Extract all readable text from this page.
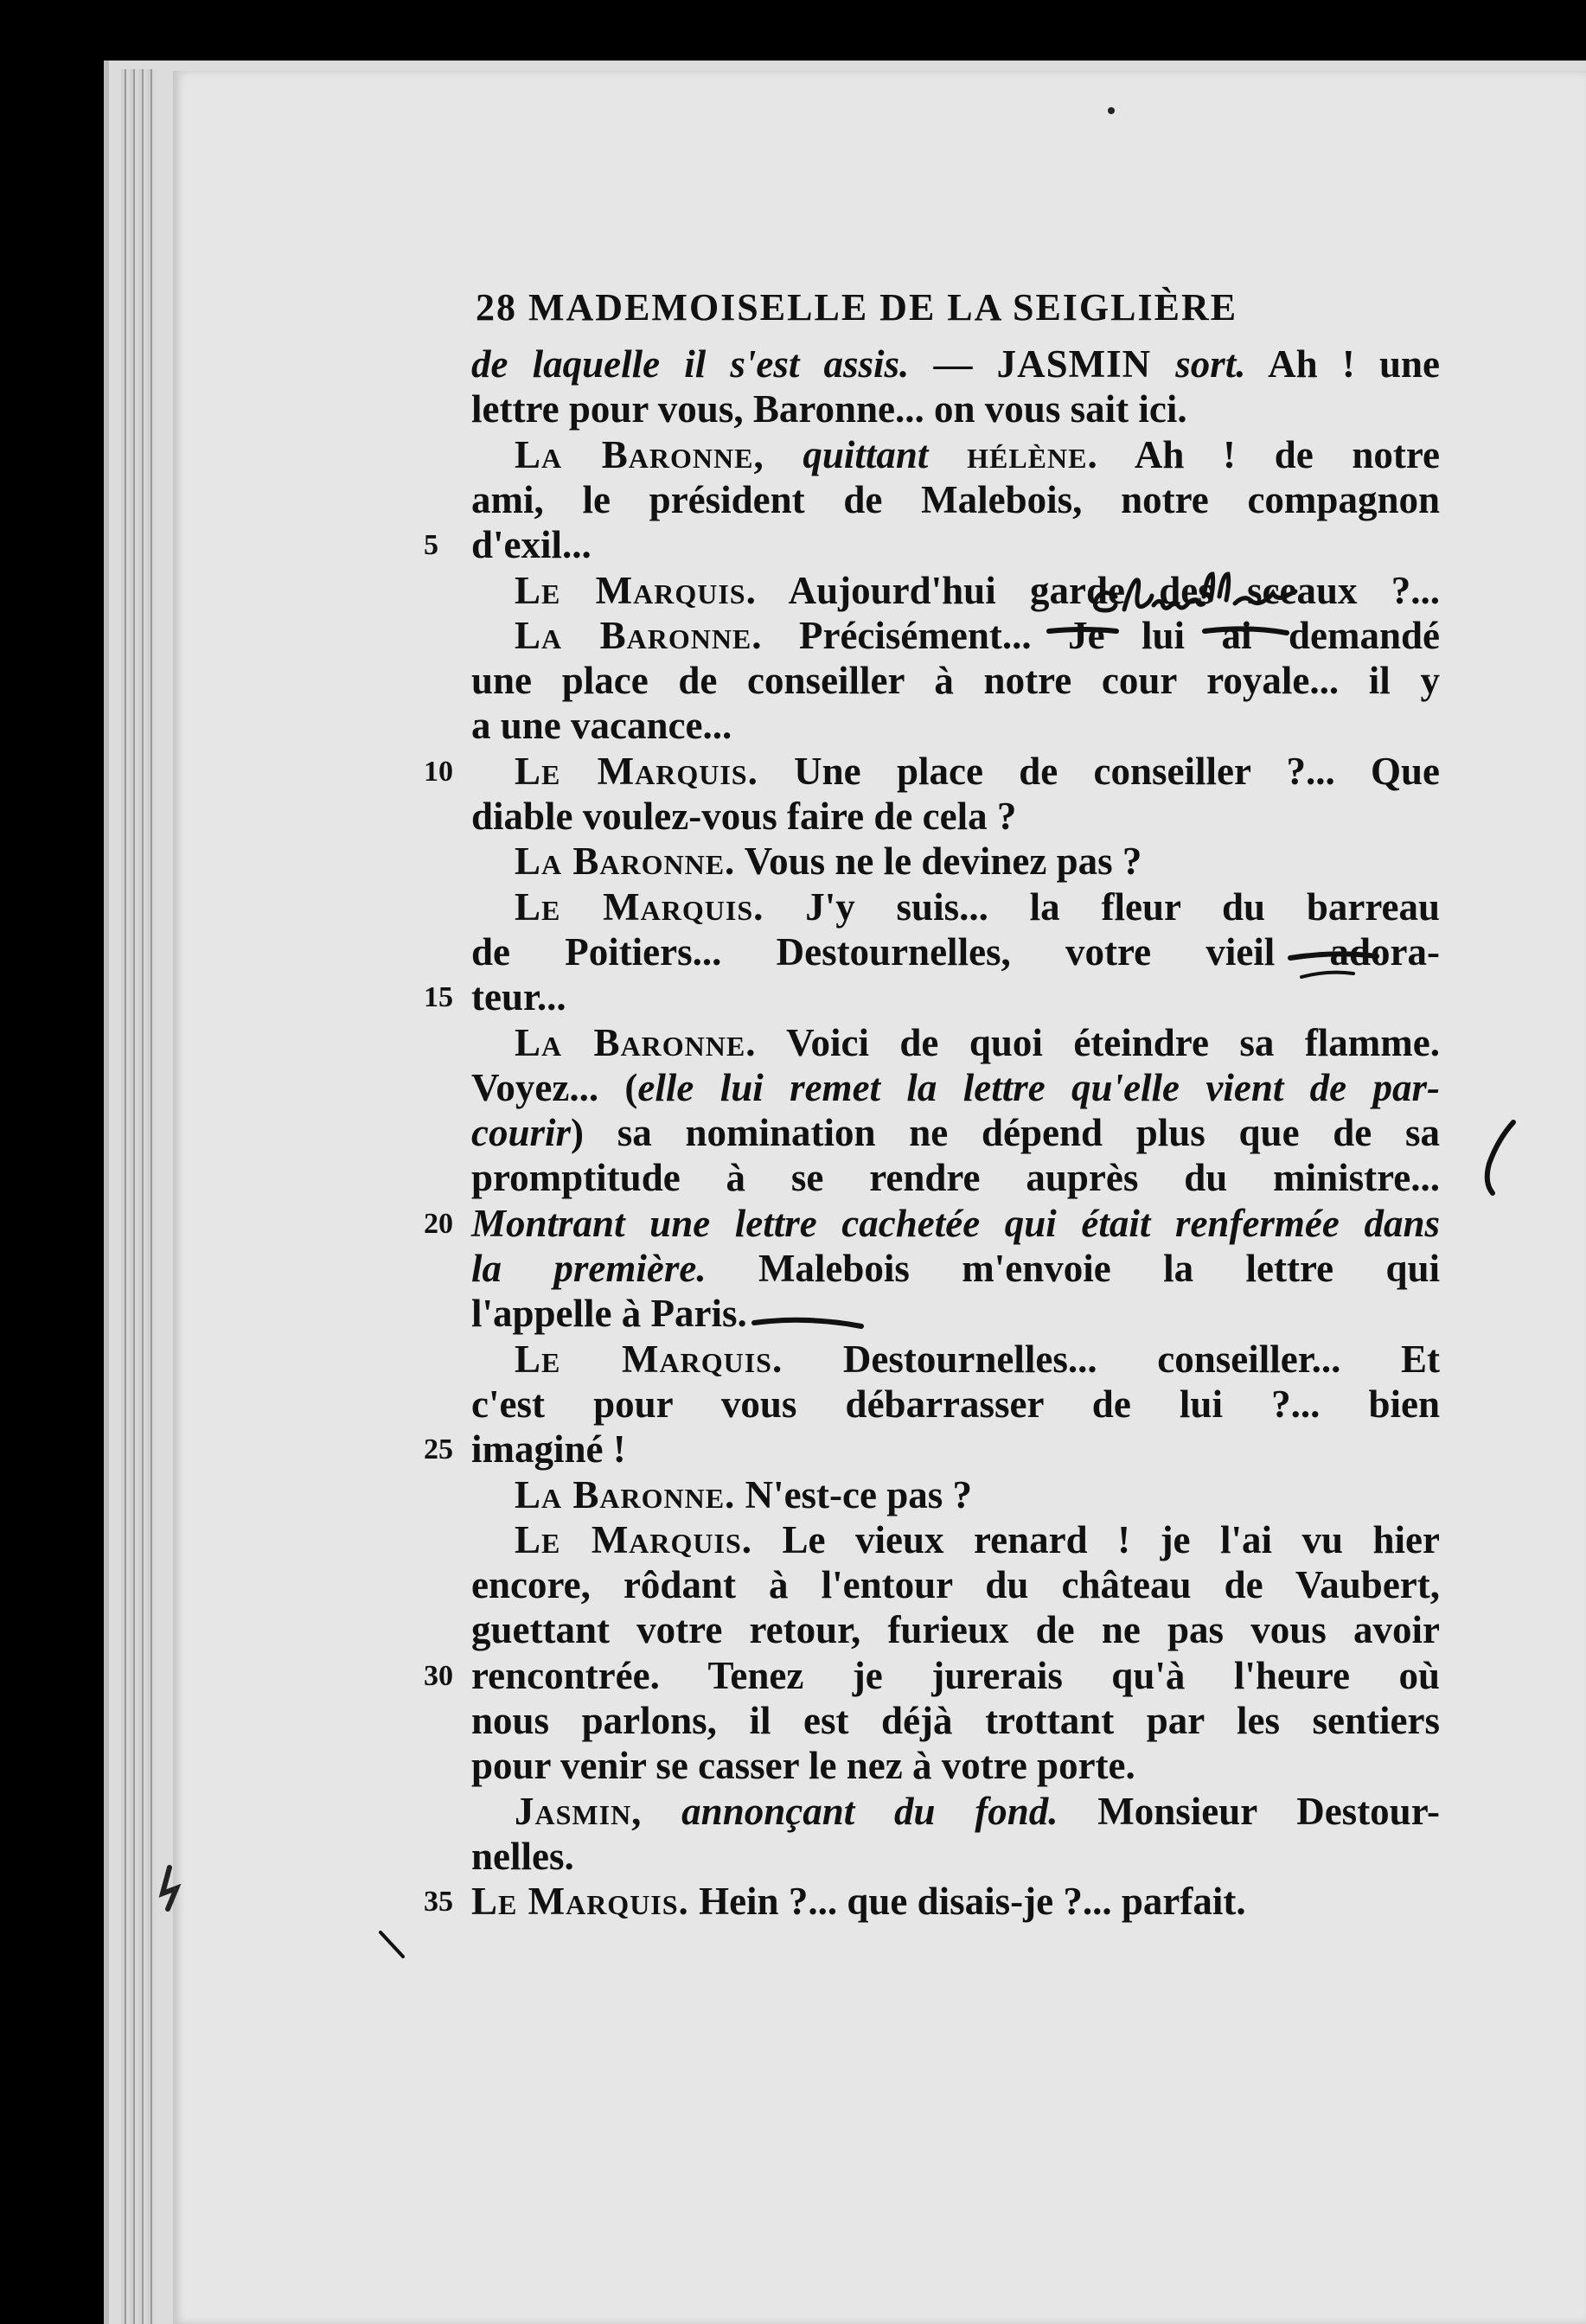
28 MADEMOISELLE DE LA SEIGLIÈRE
de laquelle il s'est assis. — JASMIN sort. Ah ! une
lettre pour vous, Baronne... on vous sait ici.
La Baronne, quittant hélène. Ah ! de notre
ami, le président de Malebois, notre compagnon
d'exil...
5
Le Marquis. Aujourd'hui garde des sceaux ?...
La Baronne. Précisément... Je lui ai demandé
une place de conseiller à notre cour royale... il y
a une vacance...
Le Marquis. Une place de conseiller ?... Que
10
diable voulez-vous faire de cela ?
La Baronne. Vous ne le devinez pas ?
Le Marquis. J'y suis... la fleur du barreau
de Poitiers... Destournelles, votre vieil adora-
teur...
15
La Baronne. Voici de quoi éteindre sa flamme.
Voyez... (elle lui remet la lettre qu'elle vient de par-
courir) sa nomination ne dépend plus que de sa
promptitude à se rendre auprès du ministre...
Montrant une lettre cachetée qui était renfermée dans
20
la première. Malebois m'envoie la lettre qui
l'appelle à Paris.
Le Marquis. Destournelles... conseiller... Et
c'est pour vous débarrasser de lui ?... bien
imaginé !
25
La Baronne. N'est-ce pas ?
Le Marquis. Le vieux renard ! je l'ai vu hier
encore, rôdant à l'entour du château de Vaubert,
guettant votre retour, furieux de ne pas vous avoir
rencontrée. Tenez je jurerais qu'à l'heure où
30
nous parlons, il est déjà trottant par les sentiers
pour venir se casser le nez à votre porte.
Jasmin, annonçant du fond. Monsieur Destour-
nelles.
Le Marquis. Hein ?... que disais-je ?... parfait.
35
